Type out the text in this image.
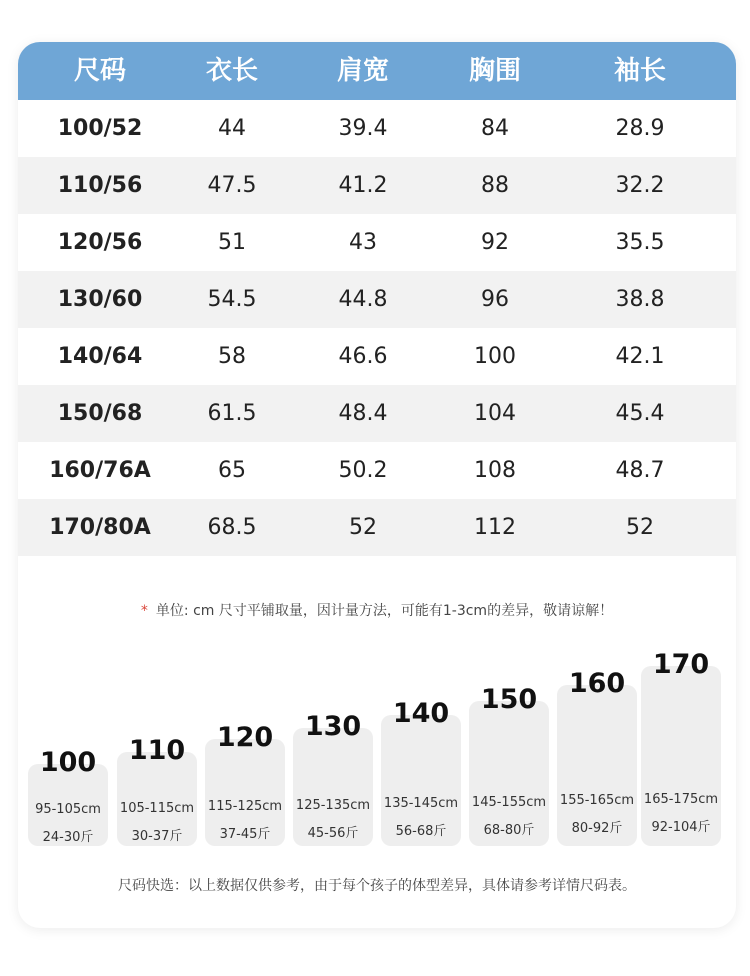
尺码	衣长	肩宽	胸围	袖长
100/52	44	39.4	84	28.9
110/56	47.5	41.2	88	32.2
120/56	51	43	92	35.5
130/60	54.5	44.8	96	38.8
140/64	58	46.6	100	42.1
150/68	61.5	48.4	104	45.4
160/76A	65	50.2	108	48.7
170/80A	68.5	52	112	52
* 单位: cm 尺寸平铺取量，因计量方法，可能有1-3cm的差异，敬请谅解！
100
95-105cm
24-30斤
110
105-115cm
30-37斤
120
115-125cm
37-45斤
130
125-135cm
45-56斤
140
135-145cm
56-68斤
150
145-155cm
68-80斤
160
155-165cm
80-92斤
170
165-175cm
92-104斤
尺码快选：以上数据仅供参考，由于每个孩子的体型差异，具体请参考详情尺码表。
